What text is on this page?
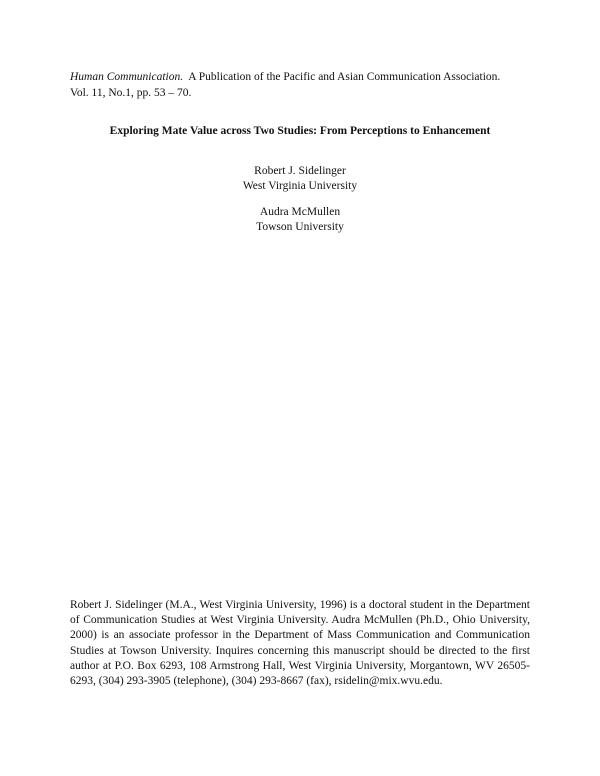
Human Communication. A Publication of the Pacific and Asian Communication Association.
Vol. 11, No.1, pp. 53 – 70.
Exploring Mate Value across Two Studies: From Perceptions to Enhancement
Robert J. Sidelinger
West Virginia University
Audra McMullen
Towson University
Robert J. Sidelinger (M.A., West Virginia University, 1996) is a doctoral student in the Department of Communication Studies at West Virginia University. Audra McMullen (Ph.D., Ohio University, 2000) is an associate professor in the Department of Mass Communication and Communication Studies at Towson University. Inquires concerning this manuscript should be directed to the first author at P.O. Box 6293, 108 Armstrong Hall, West Virginia University, Morgantown, WV 26505-6293, (304) 293-3905 (telephone), (304) 293-8667 (fax), rsidelin@mix.wvu.edu.
